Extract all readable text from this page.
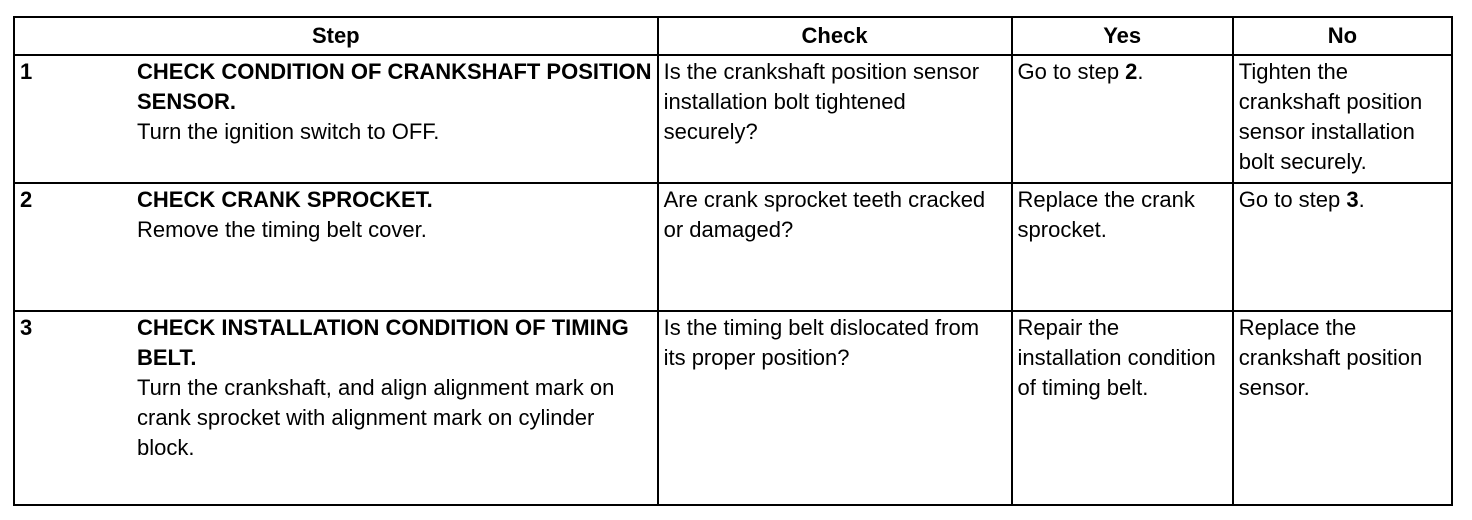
Step	Check	Yes	No

1 CHECK CONDITION OF CRANKSHAFT POSITION SENSOR.
Turn the ignition switch to OFF.	Is the crankshaft position sensor installation bolt tightened securely?	Go to step 2.	Tighten the crankshaft position sensor installation bolt securely.

2 CHECK CRANK SPROCKET.
Remove the timing belt cover.	Are crank sprocket teeth cracked or damaged?	Replace the crank sprocket.	Go to step 3.

3 CHECK INSTALLATION CONDITION OF TIMING BELT.
Turn the crankshaft, and align alignment mark on crank sprocket with alignment mark on cylinder block.	Is the timing belt dislocated from its proper position?	Repair the installation condition of timing belt.	Replace the crankshaft position sensor.
